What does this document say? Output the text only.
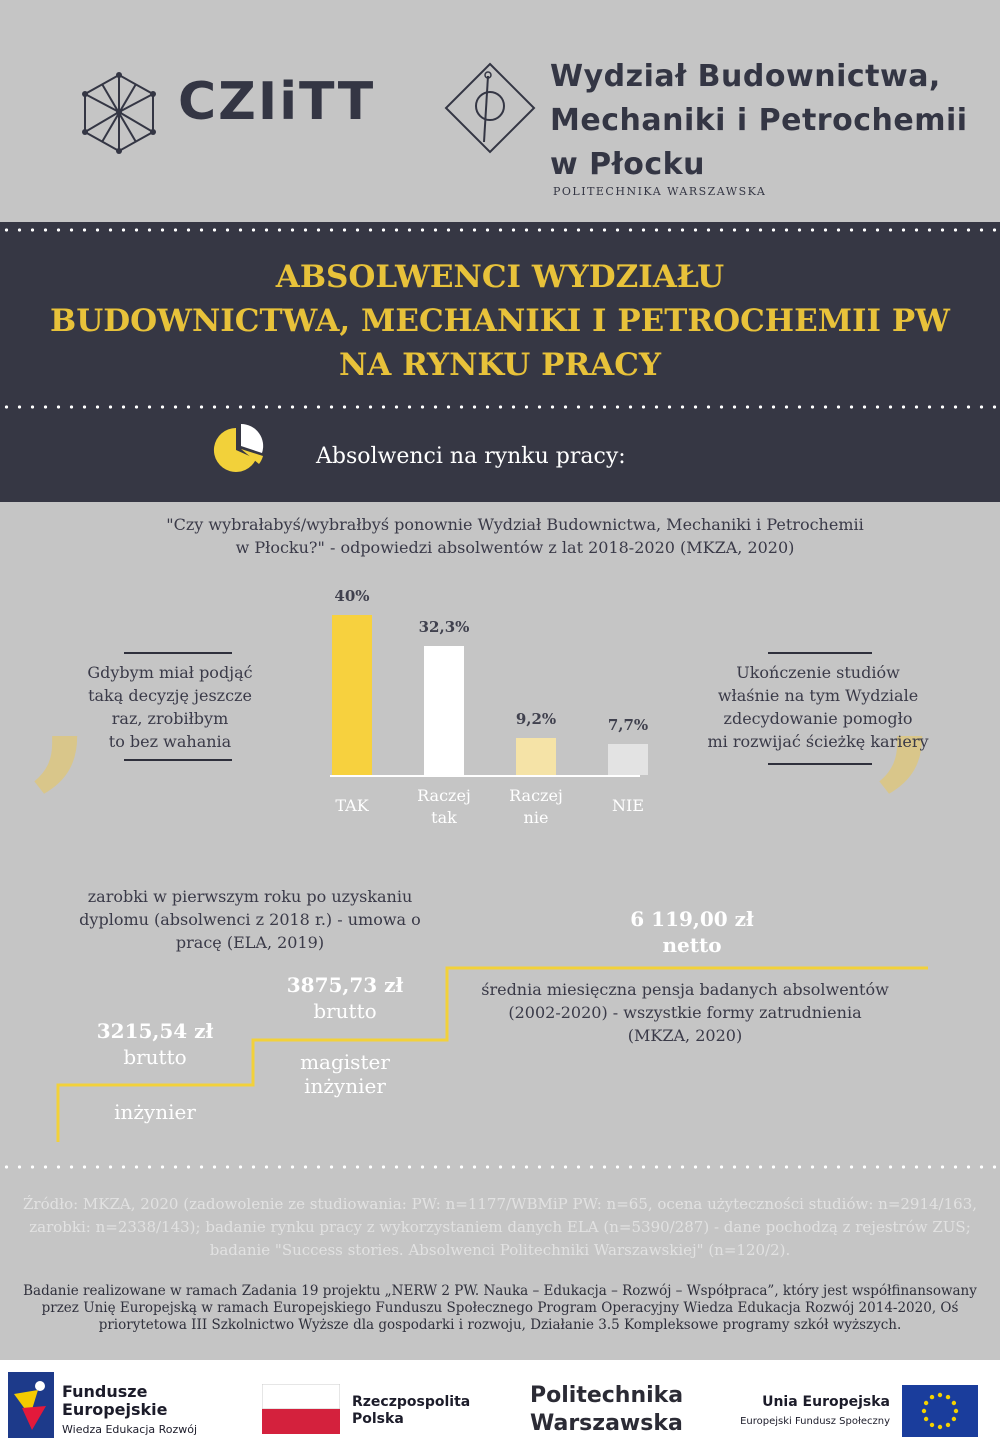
CZIiTT	Wydział Budownictwa,
Mechaniki i Petrochemii
w Płocku
POLITECHNIKA WARSZAWSKA
ABSOLWENCI WYDZIAŁU
BUDOWNICTWA, MECHANIKI I PETROCHEMII PW
NA RYNKU PRACY
Absolwenci na rynku pracy:
"Czy wybrałabyś/wybrałbyś ponownie Wydział Budownictwa, Mechaniki i Petrochemii
w Płocku?" - odpowiedzi absolwentów z lat 2018-2020 (MKZA, 2020)
40%
TAK
32,3%
Raczej
tak
9,2%
Raczej
nie
7,7%
NIE
,
Gdybym miał podjąć
taką decyzję jeszcze
raz, zrobiłbym
to bez wahania	,
Ukończenie studiów
właśnie na tym Wydziale
zdecydowanie pomogło
mi rozwijać ścieżkę kariery
zarobki w pierwszym roku po uzyskaniu
dyplomu (absolwenci z 2018 r.) - umowa o
pracę (ELA, 2019)
3215,54 zł
brutto
inżynier
3875,73 zł
brutto
magister
inżynier
6 119,00 zł
netto
średnia miesięczna pensja badanych absolwentów
(2002-2020) - wszystkie formy zatrudnienia
(MKZA, 2020)
Źródło: MKZA, 2020 (zadowolenie ze studiowania: PW: n=1177/WBMiP PW: n=65, ocena użyteczności studiów: n=2914/163, zarobki: n=2338/143); badanie rynku pracy z wykorzystaniem danych ELA (n=5390/287) - dane pochodzą z rejestrów ZUS; badanie "Success stories. Absolwenci Politechniki Warszawskiej" (n=120/2).
Badanie realizowane w ramach Zadania 19 projektu „NERW 2 PW. Nauka – Edukacja – Rozwój – Współpraca”, który jest współfinansowany przez Unię Europejską w ramach Europejskiego Funduszu Społecznego Program Operacyjny Wiedza Edukacja Rozwój 2014-2020, Oś priorytetowa III Szkolnictwo Wyższe dla gospodarki i rozwoju, Działanie 3.5 Kompleksowe programy szkół wyższych.
Fundusze
Europejskie
Wiedza Edukacja Rozwój
Rzeczpospolita
Polska
Politechnika
Warszawska
Unia Europejska
Europejski Fundusz Społeczny
